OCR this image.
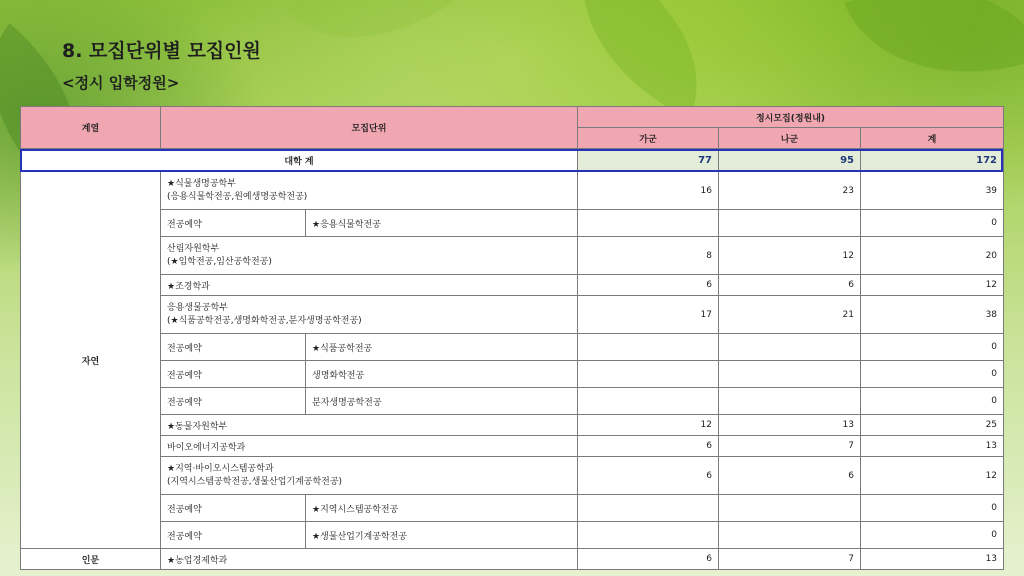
8. 모집단위별 모집인원
<정시 입학정원>
계열	모집단위		정시모집(정원내)		
			가군	나군	계
대학 계			77	95	172
자연	★식물생명공학부
(응용식물학전공,원예생명공학전공)		16	23	39
	전공예약	★응용식물학전공			0

	산림자원학부
(★임학전공,임산공학전공)		8	12	20
	★조경학과		6	6	12

	응용생물공학부
(★식품공학전공,생명화학전공,분자생명공학전공)		17	21	38
	전공예약	★식품공학전공			0
	전공예약	생명화학전공			0
	전공예약	분자생명공학전공			0
	★동물자원학부		12	13	25
	바이오에너지공학과		6	7	13

	★지역·바이오시스템공학과
(지역시스템공학전공,생물산업기계공학전공)		6	6	12
	전공예약	★지역시스템공학전공			0
	전공예약	★생물산업기계공학전공			0
인문	★농업경제학과		6	7	13
